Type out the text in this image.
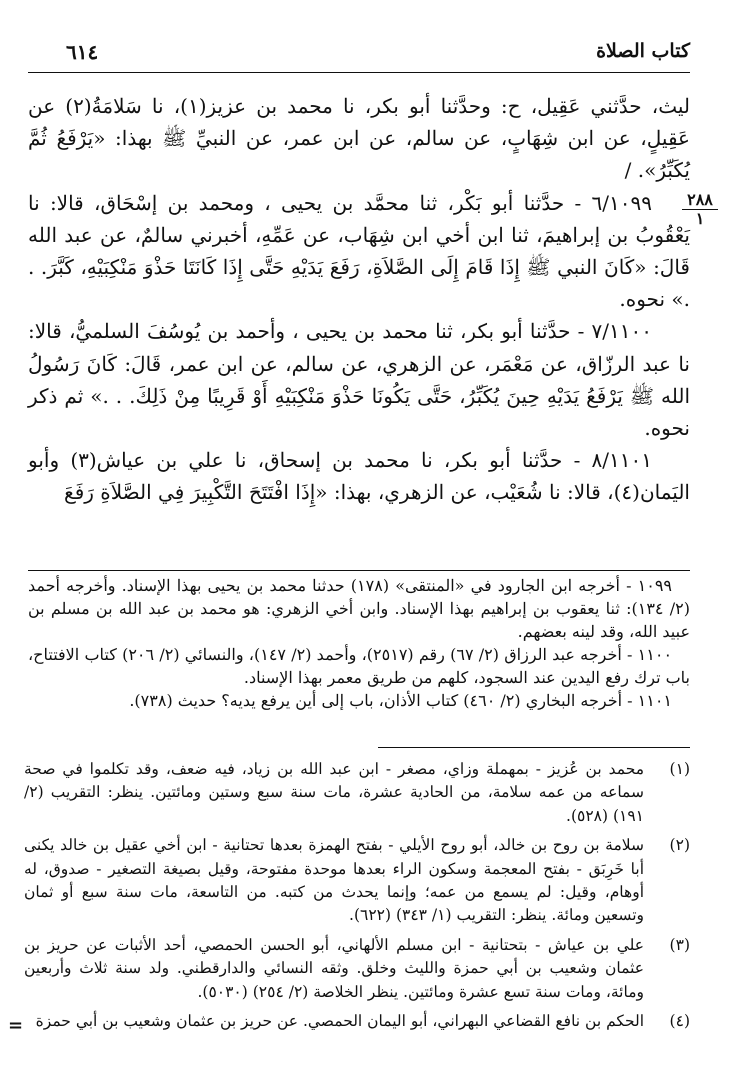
٦١٤	كتاب الصلاة
٢٨٨
١

ليث، حدَّثني عَقِيل، ح: وحدَّثنا أبو بكر، نا محمد بن عزيز(١)، نا سَلامَةُ(٢) عن عَقِيلٍ، عن ابن شِهَابٍ، عن سالم، عن ابن عمر، عن النبيِّ ﷺ بهذا: «يَرْفَعُ ثُمَّ يُكَبِّرُ». /

٦/١٠٩٩ - حدَّثنا أبو بَكْر، ثنا محمَّد بن يحيى ، ومحمد بن إسْحَاق، قالا: نا يَعْقُوبُ بن إبراهيمَ، ثنا ابن أخي ابن شِهَاب، عن عَمِّهِ، أخبرني سالمٌ، عن عبد الله قَالَ: «كَانَ النبي ﷺ إِذَا قَامَ إِلَى الصَّلاَةِ، رَفَعَ يَدَيْهِ حَتَّى إِذَا كَانَتَا حَذْوَ مَنْكِبَيْهِ، كَبَّرَ. . .» نحوه.

٧/١١٠٠ - حدَّثنا أبو بكر، ثنا محمد بن يحيى ، وأحمد بن يُوسُفَ السلميُّ، قالا: نا عبد الرزّاق، عن مَعْمَر، عن الزهري، عن سالم، عن ابن عمر، قَالَ: كَانَ رَسُولُ الله ﷺ يَرْفَعُ يَدَيْهِ حِينَ يُكَبِّرُ، حَتَّى يَكُونَا حَذْوَ مَنْكِبَيْهِ أَوْ قَرِيبًا مِنْ ذَلِكَ. . .» ثم ذكر نحوه.

٨/١١٠١ - حدَّثنا أبو بكر، نا محمد بن إسحاق، نا علي بن عياش(٣) وأبو اليَمان(٤)، قالا: نا شُعَيْب، عن الزهري، بهذا: «إِذَا افْتَتَحَ التَّكْبِيرَ فِي الصَّلاَةِ رَفَعَ

١٠٩٩ - أخرجه ابن الجارود في «المنتقى» (١٧٨) حدثنا محمد بن يحيى بهذا الإسناد. وأخرجه أحمد (٢/ ١٣٤): ثنا يعقوب بن إبراهيم بهذا الإسناد. وابن أخي الزهري: هو محمد بن عبد الله بن مسلم بن عبيد الله، وقد لينه بعضهم.

١١٠٠ - أخرجه عبد الرزاق (٢/ ٦٧) رقم (٢٥١٧)، وأحمد (٢/ ١٤٧)، والنسائي (٢/ ٢٠٦) كتاب الافتتاح، باب ترك رفع اليدين عند السجود، كلهم من طريق معمر بهذا الإسناد.

١١٠١ - أخرجه البخاري (٢/ ٤٦٠) كتاب الأذان، باب إلى أين يرفع يديه؟ حديث (٧٣٨).

(١)
محمد بن عُزيز - بمهملة وزاي، مصغر - ابن عبد الله بن زياد، فيه ضعف، وقد تكلموا في صحة سماعه من عمه سلامة، من الحادية عشرة، مات سنة سبع وستين ومائتين. ينظر: التقريب (٢/ ١٩١) (٥٢٨).
(٢)
سلامة بن روح بن خالد، أبو روح الأيلي - بفتح الهمزة بعدها تحتانية - ابن أخي عقيل بن خالد يكنى أبا خَرِبَق - بفتح المعجمة وسكون الراء بعدها موحدة مفتوحة، وقيل بصيغة التصغير - صدوق، له أوهام، وقيل: لم يسمع من عمه؛ وإنما يحدث من كتبه. من التاسعة، مات سنة سبع أو ثمان وتسعين ومائة. ينظر: التقريب (١/ ٣٤٣) (٦٢٢).
(٣)
علي بن عياش - بتحتانية - ابن مسلم الألهاني، أبو الحسن الحمصي، أحد الأثبات عن حريز بن عثمان وشعيب بن أبي حمزة والليث وخلق. وثقه النسائي والدارقطني. ولد سنة ثلاث وأربعين ومائة، ومات سنة تسع عشرة ومائتين. ينظر الخلاصة (٢/ ٢٥٤) (٥٠٣٠).
(٤)
الحكم بن نافع القضاعي البهراني، أبو اليمان الحمصي. عن حريز بن عثمان وشعيب بن أبي حمزة
=
